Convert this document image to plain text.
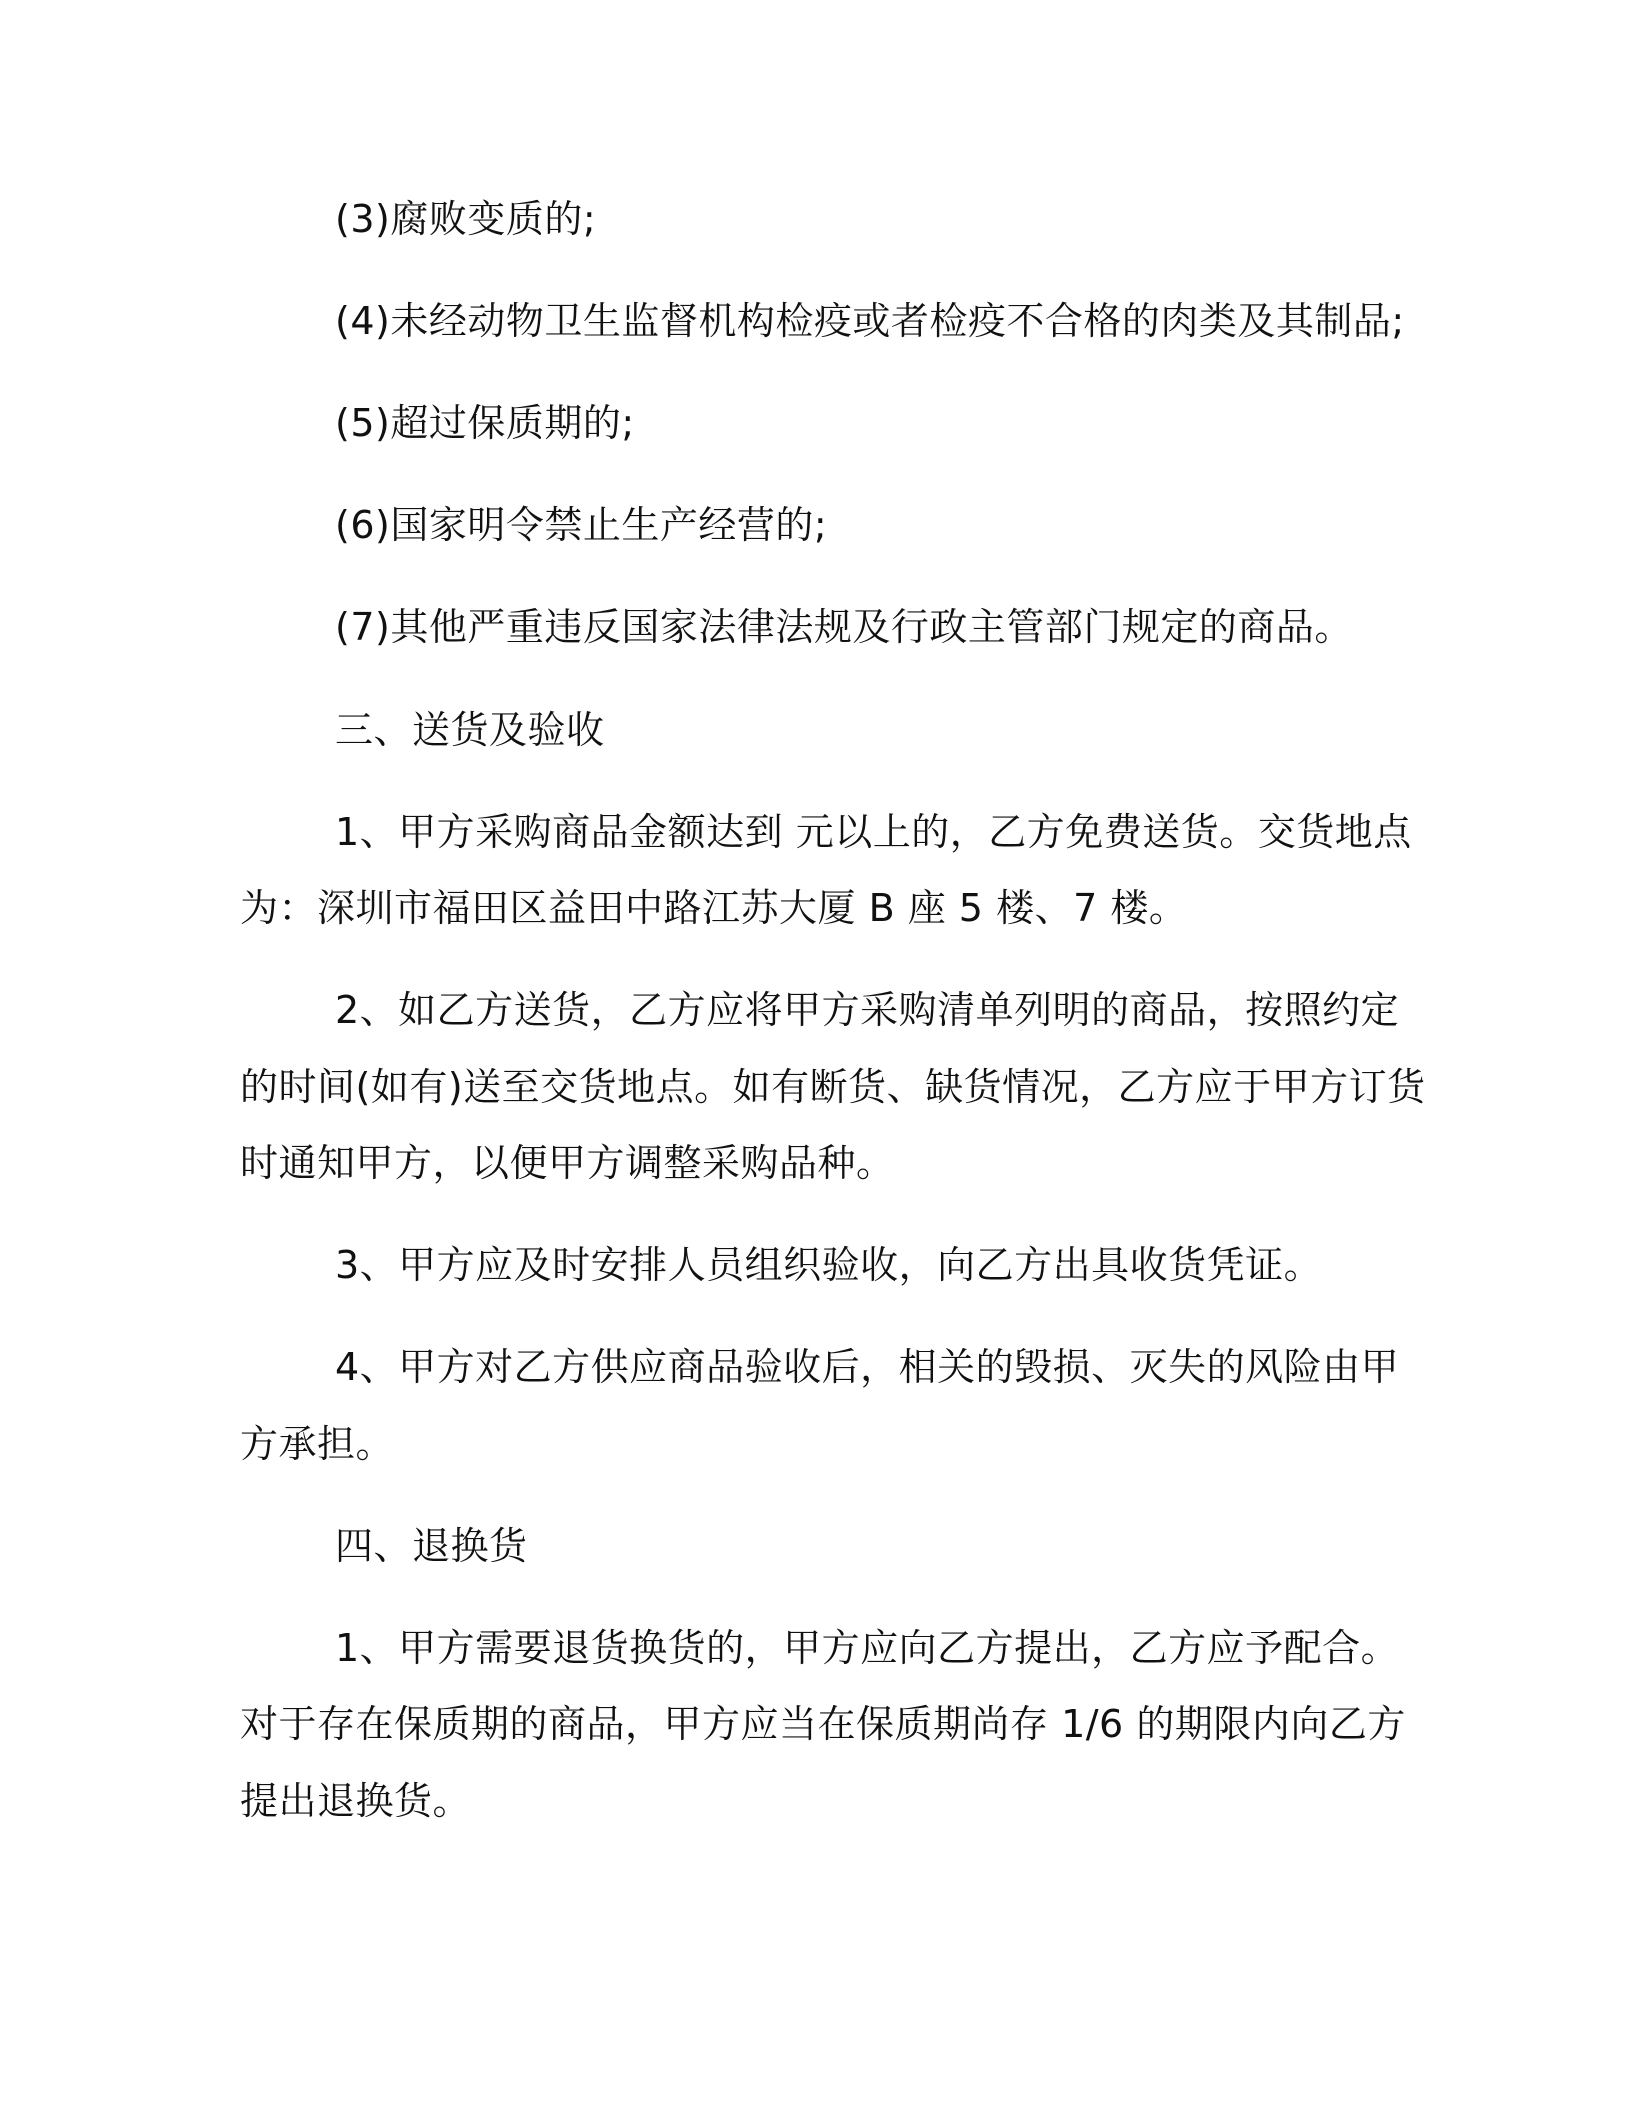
(3)腐败变质的;
(4)未经动物卫生监督机构检疫或者检疫不合格的肉类及其制品;
(5)超过保质期的;
(6)国家明令禁止生产经营的;
(7)其他严重违反国家法律法规及行政主管部门规定的商品。
三、送货及验收
1、甲方采购商品金额达到 元以上的，乙方免费送货。交货地点
为：深圳市福田区益田中路江苏大厦 B 座 5 楼、7 楼。
2、如乙方送货，乙方应将甲方采购清单列明的商品，按照约定
的时间(如有)送至交货地点。如有断货、缺货情况，乙方应于甲方订货
时通知甲方，以便甲方调整采购品种。
3、甲方应及时安排人员组织验收，向乙方出具收货凭证。
4、甲方对乙方供应商品验收后，相关的毁损、灭失的风险由甲
方承担。
四、退换货
1、甲方需要退货换货的，甲方应向乙方提出，乙方应予配合。
对于存在保质期的商品，甲方应当在保质期尚存 1/6 的期限内向乙方
提出退换货。
